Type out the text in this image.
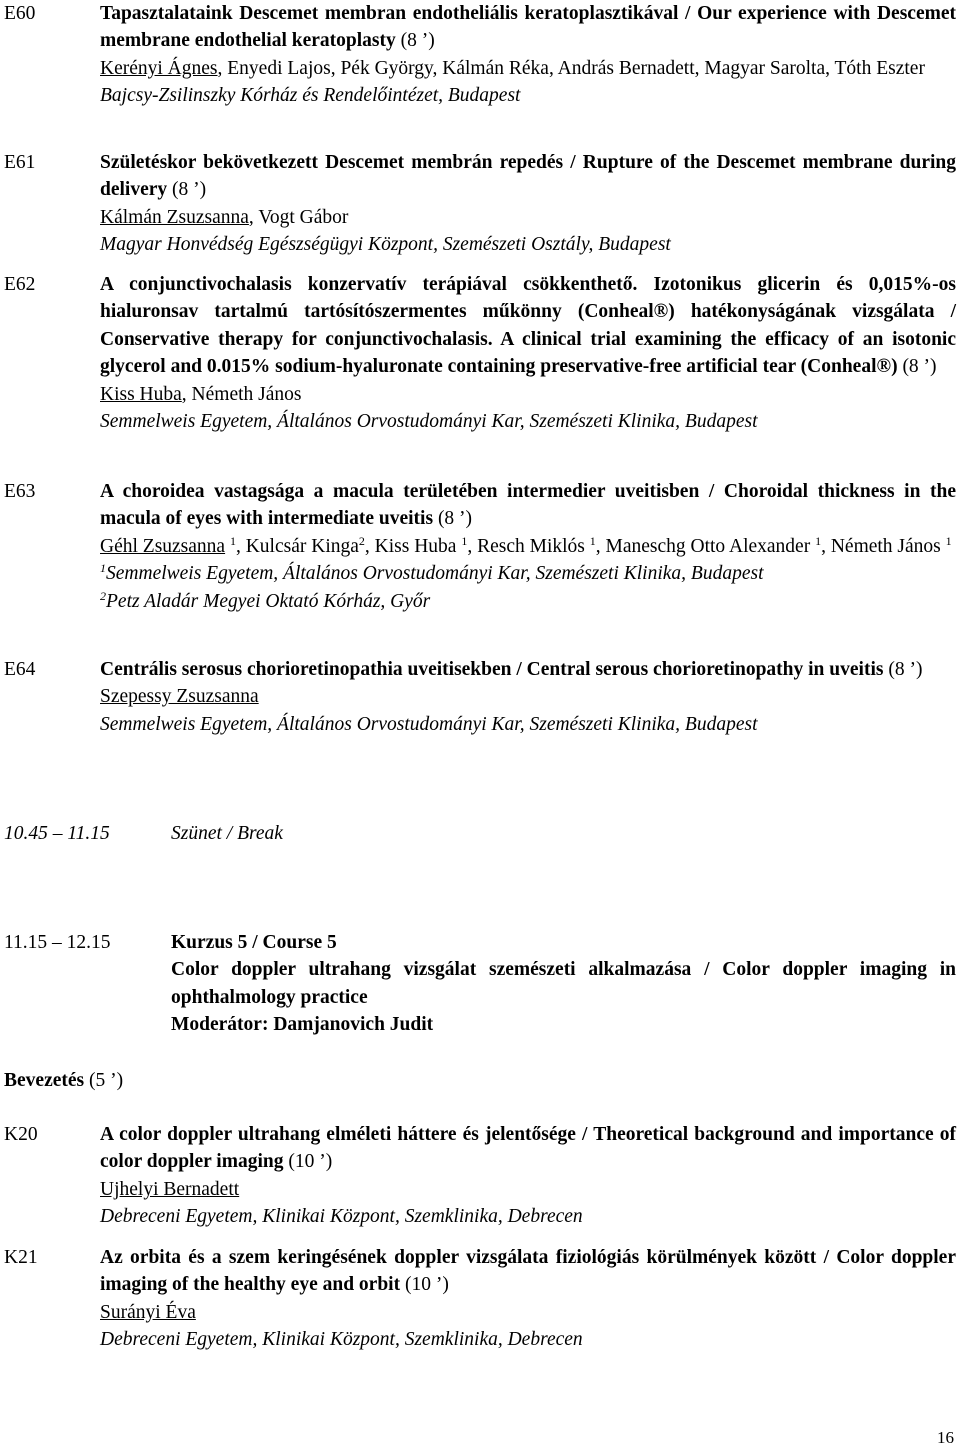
E60	Tapasztalataink Descemet membran endotheliális keratoplasztikával / Our experience with Descemet membrane endothelial keratoplasty (8 ’)
Kerényi Ágnes, Enyedi Lajos, Pék György, Kálmán Réka, András Bernadett, Magyar Sarolta, Tóth Eszter
Bajcsy-Zsilinszky Kórház és Rendelőintézet, Budapest
E61	Születéskor bekövetkezett Descemet membrán repedés / Rupture of the Descemet membrane during delivery (8 ’)
Kálmán Zsuzsanna, Vogt Gábor
Magyar Honvédség Egészségügyi Központ, Szemészeti Osztály, Budapest
E62	A conjunctivochalasis konzervatív terápiával csökkenthető. Izotonikus glicerin és 0,015%-os hialuronsav tartalmú tartósítószermentes műkönny (Conheal®) hatékonyságának vizsgálata / Conservative therapy for conjunctivochalasis. A clinical trial examining the efficacy of an isotonic glycerol and 0.015% sodium-hyaluronate containing preservative-free artificial tear (Conheal®) (8 ’)
Kiss Huba, Németh János
Semmelweis Egyetem, Általános Orvostudományi Kar, Szemészeti Klinika, Budapest
E63	A choroidea vastagsága a macula területében intermedier uveitisben / Choroidal thickness in the macula of eyes with intermediate uveitis (8 ’)
Géhl Zsuzsanna $^1$, Kulcsár Kinga$^2$, Kiss Huba $^1$, Resch Miklós $^1$, Maneschg Otto Alexander $^1$, Németh János $^1$
$^1$Semmelweis Egyetem, Általános Orvostudományi Kar, Szemészeti Klinika, Budapest
$^2$Petz Aladár Megyei Oktató Kórház, Győr
E64	Centrális serosus chorioretinopathia uveitisekben / Central serous chorioretinopathy in uveitis (8 ’)
Szepessy Zsuzsanna
Semmelweis Egyetem, Általános Orvostudományi Kar, Szemészeti Klinika, Budapest
10.45 – 11.15	Szünet / Break
11.15 – 12.15	Kurzus 5 / Course 5
Color doppler ultrahang vizsgálat szemészeti alkalmazása / Color doppler imaging in ophthalmology practice
Moderátor: Damjanovich Judit
Bevezetés (5 ’)
K20	A color doppler ultrahang elméleti háttere és jelentősége / Theoretical background and importance of color doppler imaging (10 ’)
Ujhelyi Bernadett
Debreceni Egyetem, Klinikai Központ, Szemklinika, Debrecen
K21	Az orbita és a szem keringésének doppler vizsgálata fiziológiás körülmények között / Color doppler imaging of the healthy eye and orbit (10 ’)
Surányi Éva
Debreceni Egyetem, Klinikai Központ, Szemklinika, Debrecen
16
